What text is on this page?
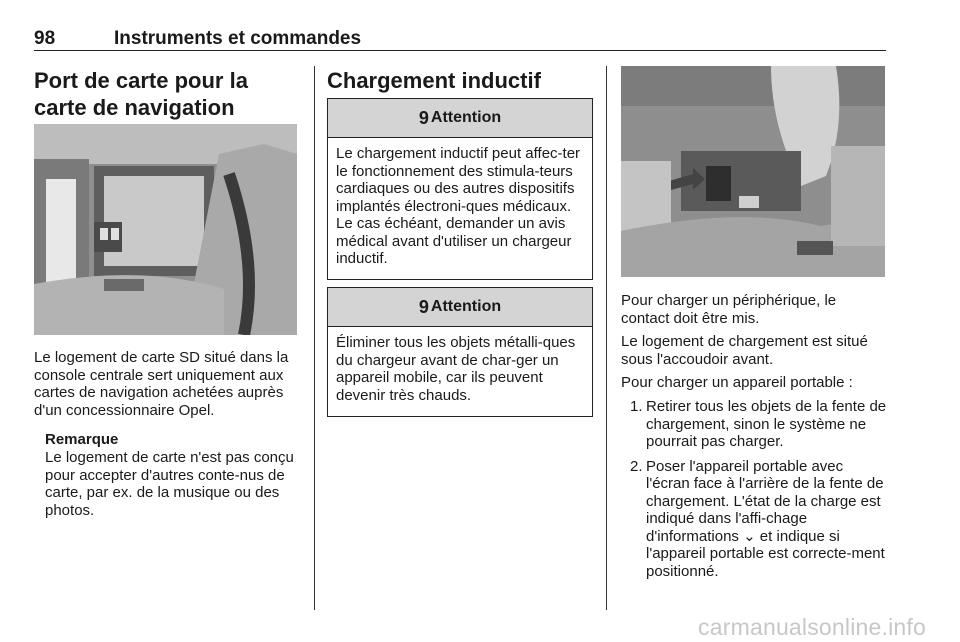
98	Instruments et commandes
Port de carte pour la carte de navigation

Le logement de carte SD situé dans la console centrale sert uniquement aux cartes de navigation achetées auprès d'un concessionnaire Opel.

Remarque

Le logement de carte n'est pas conçu pour accepter d'autres conte-nus de carte, par ex. de la musique ou des photos.

Chargement inductif
9 Attention
Le chargement inductif peut affec-ter le fonctionnement des stimula-teurs cardiaques ou des autres dispositifs implantés électroni-ques médicaux. Le cas échéant, demander un avis médical avant d'utiliser un chargeur inductif.
9 Attention
Éliminer tous les objets métalli-ques du chargeur avant de char-ger un appareil mobile, car ils peuvent devenir très chauds.

Pour charger un périphérique, le contact doit être mis.

Le logement de chargement est situé sous l'accoudoir avant.

Pour charger un appareil portable :

1. Retirer tous les objets de la fente de chargement, sinon le système ne pourrait pas charger.
2. Poser l'appareil portable avec l'écran face à l'arrière de la fente de chargement. L'état de la charge est indiqué dans l'affi-chage d'informations ⌄ et indique si l'appareil portable est correcte-ment positionné.
carmanualsonline.info
